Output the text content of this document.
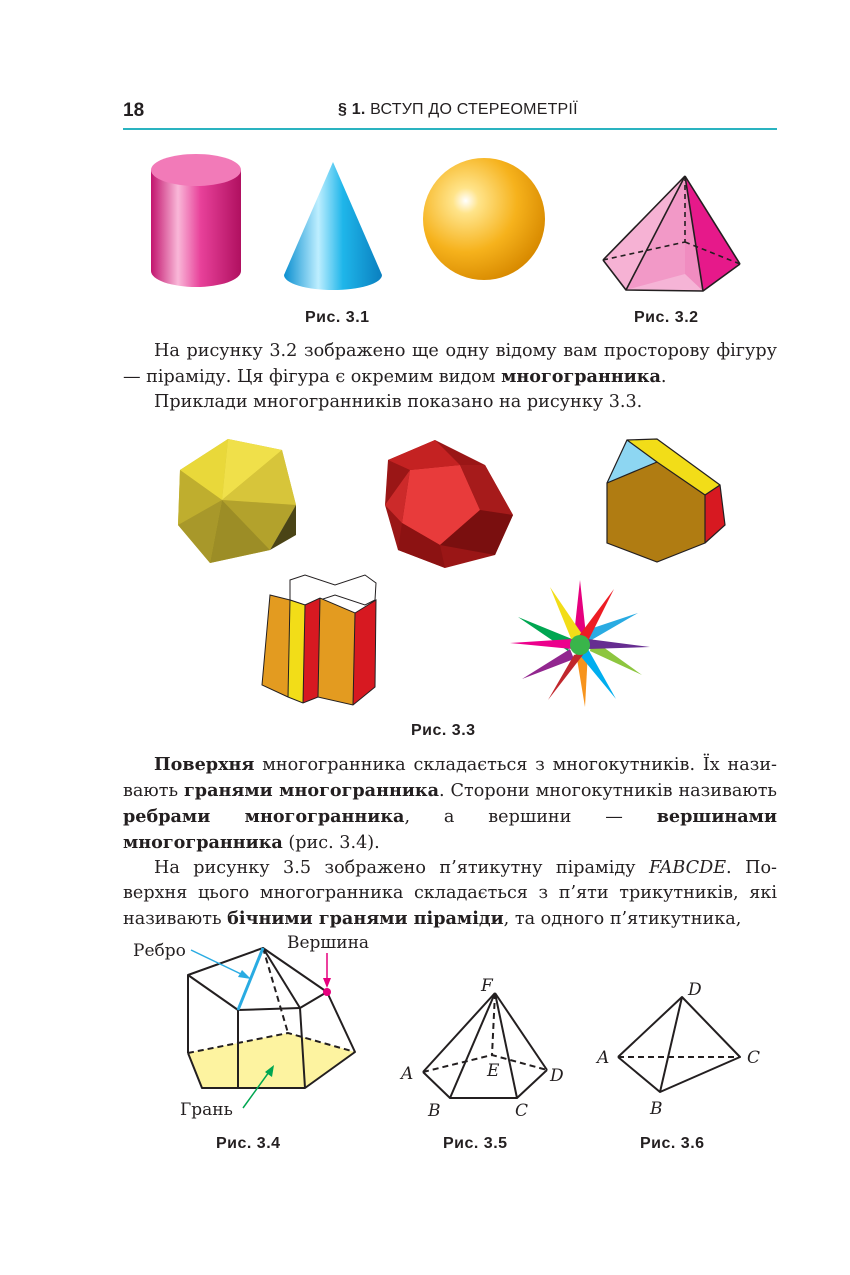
18	§ 1. ВСТУП ДО СТЕРЕОМЕТРІЇ
Рис. 3.1	Рис. 3.2

На рисунку 3.2 зображено ще одну відому вам просторову фігуру — піраміду. Ця фігура є окремим видом многогранника.

Приклади многогранників показано на рисунку 3.3.

Рис. 3.3

Поверхня многогранника складається з многокутників. Їх називають гранями многогранника. Сторони многокутників називають ребрами многогранника, а вершини — вершинами многогранника (рис. 3.4).

На рисунку 3.5 зображено п’ятикутну піраміду FABCDE. Поверхня цього многогранника складається з п’яти трикутників, які називають бічними гранями піраміди, та одного п’ятикутника,

Ребро	Вершина
Грань
F
A	E	D
B	C
D
A	C
B
Рис. 3.4	Рис. 3.5	Рис. 3.6
